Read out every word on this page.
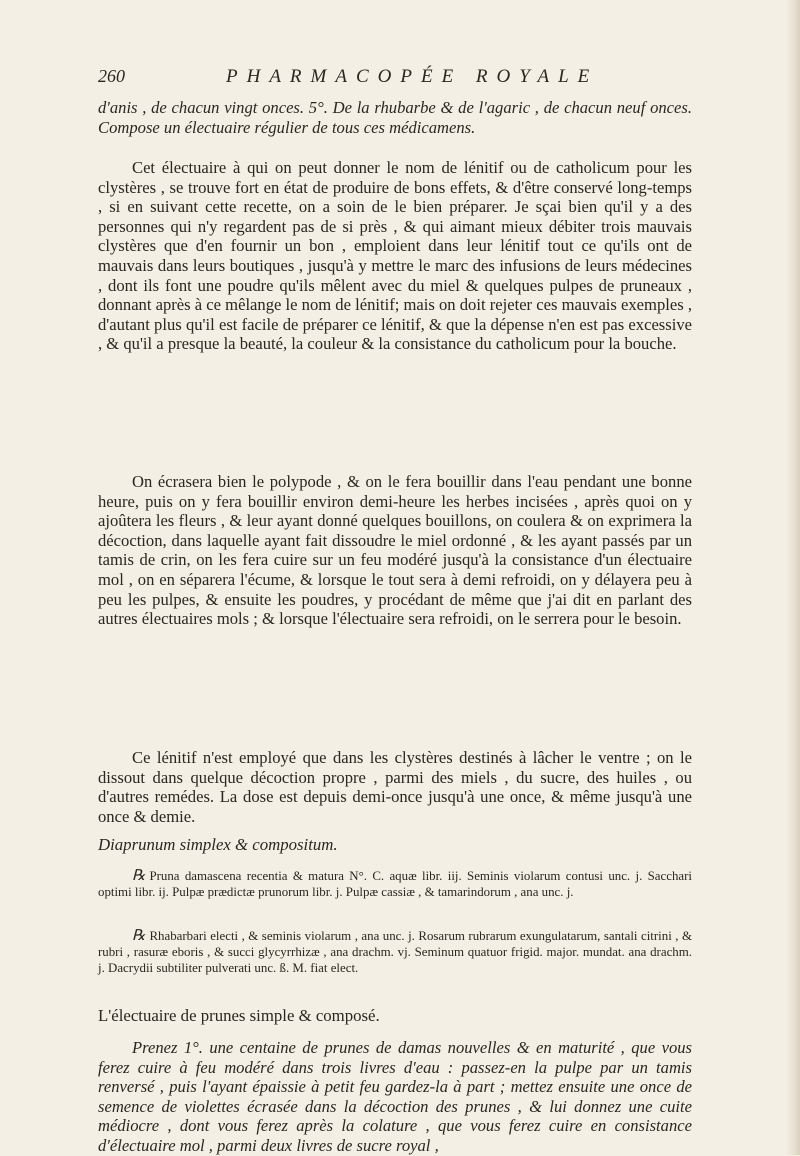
260	PHARMACOPÉE ROYALE

d'anis , de chacun vingt onces. 5°. De la rhubarbe & de l'agaric , de chacun neuf onces. Compose un électuaire régulier de tous ces médicamens.

Cet électuaire à qui on peut donner le nom de lénitif ou de catholicum pour les clystères , se trouve fort en état de produire de bons effets, & d'être conservé long-temps , si en suivant cette recette, on a soin de le bien préparer. Je sçai bien qu'il y a des personnes qui n'y regardent pas de si près , & qui aimant mieux débiter trois mauvais clystères que d'en fournir un bon , emploient dans leur lénitif tout ce qu'ils ont de mauvais dans leurs boutiques , jusqu'à y mettre le marc des infusions de leurs médecines , dont ils font une poudre qu'ils mêlent avec du miel & quelques pulpes de pruneaux , donnant après à ce mêlange le nom de lénitif; mais on doit rejeter ces mauvais exemples , d'autant plus qu'il est facile de préparer ce lénitif, & que la dépense n'en est pas excessive , & qu'il a presque la beauté, la couleur & la consistance du catholicum pour la bouche.

On écrasera bien le polypode , & on le fera bouillir dans l'eau pendant une bonne heure, puis on y fera bouillir environ demi-heure les herbes incisées , après quoi on y ajoûtera les fleurs , & leur ayant donné quelques bouillons, on coulera & on exprimera la décoction, dans laquelle ayant fait dissoudre le miel ordonné , & les ayant passés par un tamis de crin, on les fera cuire sur un feu modéré jusqu'à la consistance d'un électuaire mol , on en séparera l'écume, & lorsque le tout sera à demi refroidi, on y délayera peu à peu les pulpes, & ensuite les poudres, y procédant de même que j'ai dit en parlant des autres électuaires mols ; & lorsque l'électuaire sera refroidi, on le serrera pour le besoin.

Ce lénitif n'est employé que dans les clystères destinés à lâcher le ventre ; on le dissout dans quelque décoction propre , parmi des miels , du sucre, des huiles , ou d'autres remédes. La dose est depuis demi-once jusqu'à une once, & même jusqu'à une once & demie.

Diaprunum simplex & compositum.

℞ Pruna damascena recentia & matura N°. C. aquæ libr. iij. Seminis violarum contusi unc. j. Sacchari optimi libr. ij. Pulpæ prædictæ prunorum libr. j. Pulpæ cassiæ , & tamarindorum , ana unc. j.

℞ Rhabarbari electi , & seminis violarum , ana unc. j. Rosarum rubrarum exungulatarum, santali citrini , & rubri , rasuræ eboris , & succi glycyrrhizæ , ana drachm. vj. Seminum quatuor frigid. major. mundat. ana drachm. j. Dacrydii subtiliter pulverati unc. ß. M. fiat elect.

L'électuaire de prunes simple & composé.

Prenez 1°. une centaine de prunes de damas nouvelles & en maturité , que vous ferez cuire à feu modéré dans trois livres d'eau : passez-en la pulpe par un tamis renversé , puis l'ayant épaissie à petit feu gardez-la à part ; mettez ensuite une once de semence de violettes écrasée dans la décoction des prunes , & lui donnez une cuite médiocre , dont vous ferez après la colature , que vous ferez cuire en consistance d'électuaire mol , parmi deux livres de sucre royal ,
